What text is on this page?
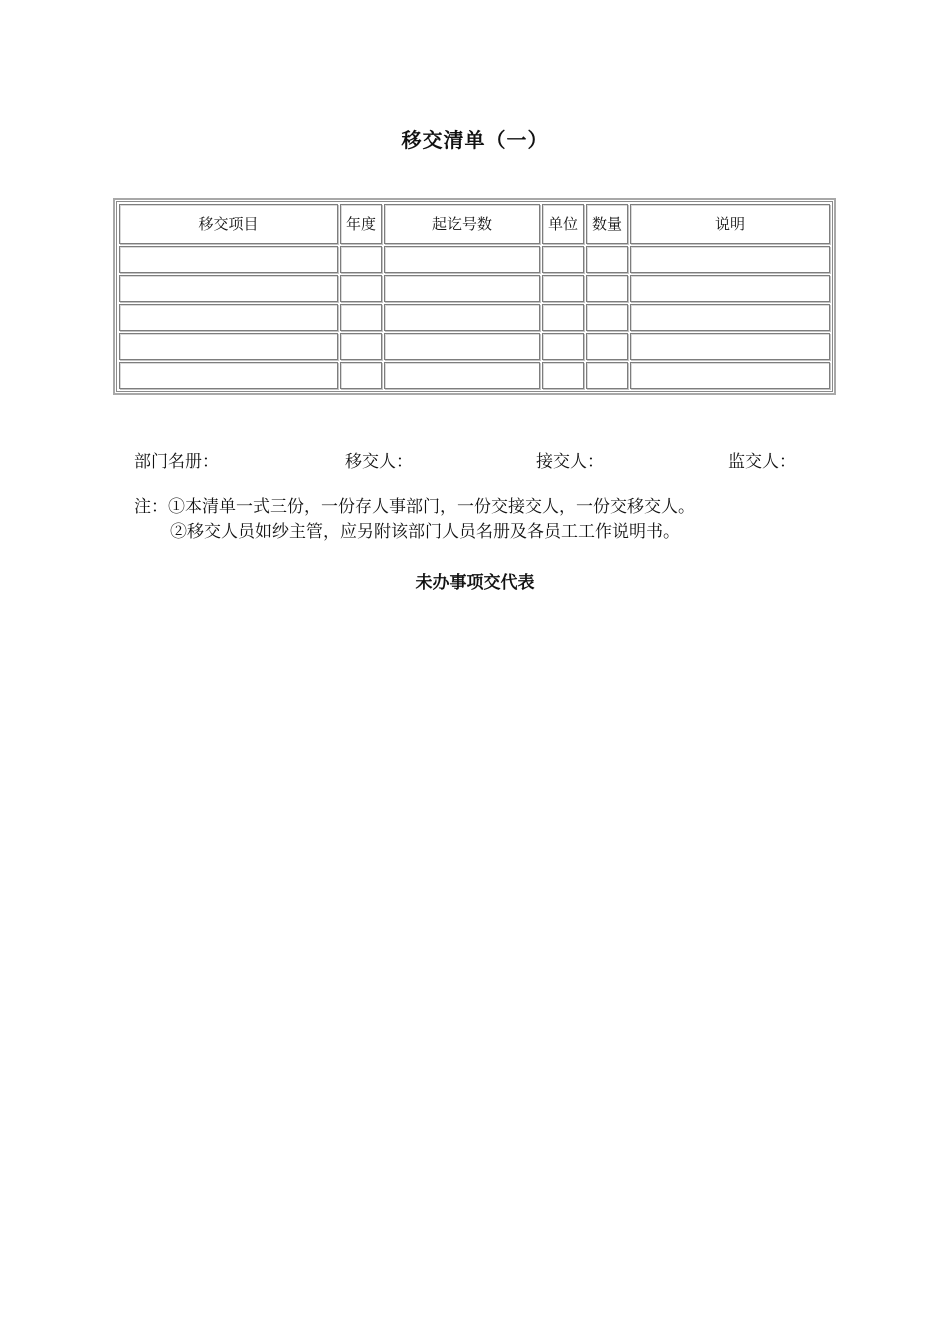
移交清单（一）
移交项目	年度	起讫号数	单位	数量	说明

部门名册：	移交人：	接交人：	监交人：
注：①本清单一式三份，一份存人事部门，一份交接交人，一份交移交人。
②移交人员如纱主管，应另附该部门人员名册及各员工工作说明书。
未办事项交代表
